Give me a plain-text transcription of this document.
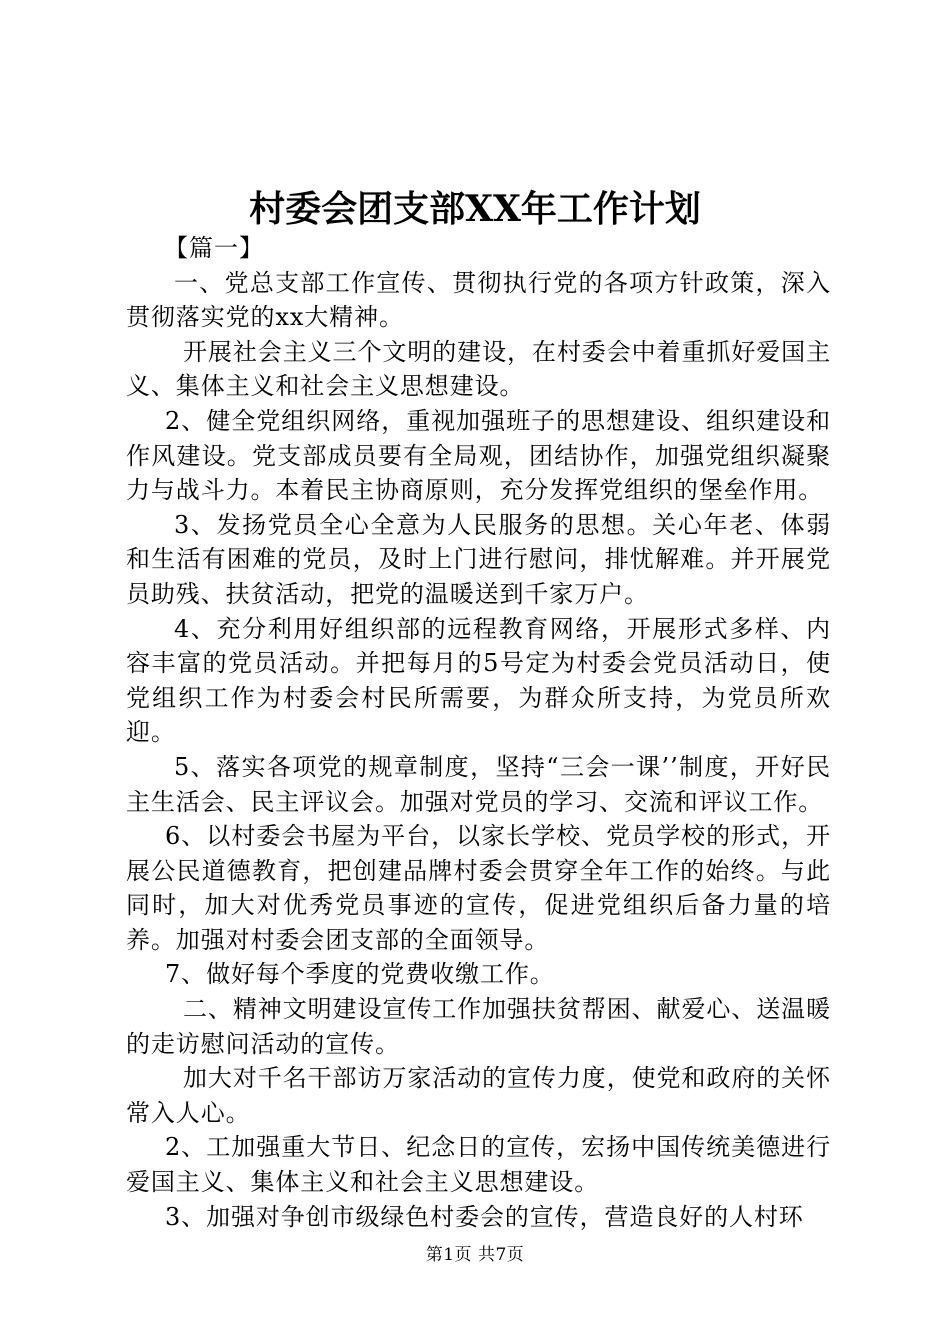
村委会团支部XX年工作计划

【篇一】

一、党总支部工作宣传、贯彻执行党的各项方针政策，深入贯彻落实党的xx大精神。

开展社会主义三个文明的建设，在村委会中着重抓好爱国主义、集体主义和社会主义思想建设。

2、健全党组织网络，重视加强班子的思想建设、组织建设和作风建设。党支部成员要有全局观，团结协作，加强党组织凝聚力与战斗力。本着民主协商原则，充分发挥党组织的堡垒作用。

3、发扬党员全心全意为人民服务的思想。关心年老、体弱和生活有困难的党员，及时上门进行慰问，排忧解难。并开展党员助残、扶贫活动，把党的温暖送到千家万户。

4、充分利用好组织部的远程教育网络，开展形式多样、内容丰富的党员活动。并把每月的5号定为村委会党员活动日，使党组织工作为村委会村民所需要，为群众所支持，为党员所欢迎。

5、落实各项党的规章制度，坚持“三会一课’’制度，开好民主生活会、民主评议会。加强对党员的学习、交流和评议工作。

6、以村委会书屋为平台，以家长学校、党员学校的形式，开展公民道德教育，把创建品牌村委会贯穿全年工作的始终。与此同时，加大对优秀党员事迹的宣传，促进党组织后备力量的培养。加强对村委会团支部的全面领导。

7、做好每个季度的党费收缴工作。

二、精神文明建设宣传工作加强扶贫帮困、献爱心、送温暖的走访慰问活动的宣传。

加大对千名干部访万家活动的宣传力度，使党和政府的关怀常入人心。

2、工加强重大节日、纪念日的宣传，宏扬中国传统美德进行爱国主义、集体主义和社会主义思想建设。

3、加强对争创市级绿色村委会的宣传，营造良好的人村环

第1页 共7页
